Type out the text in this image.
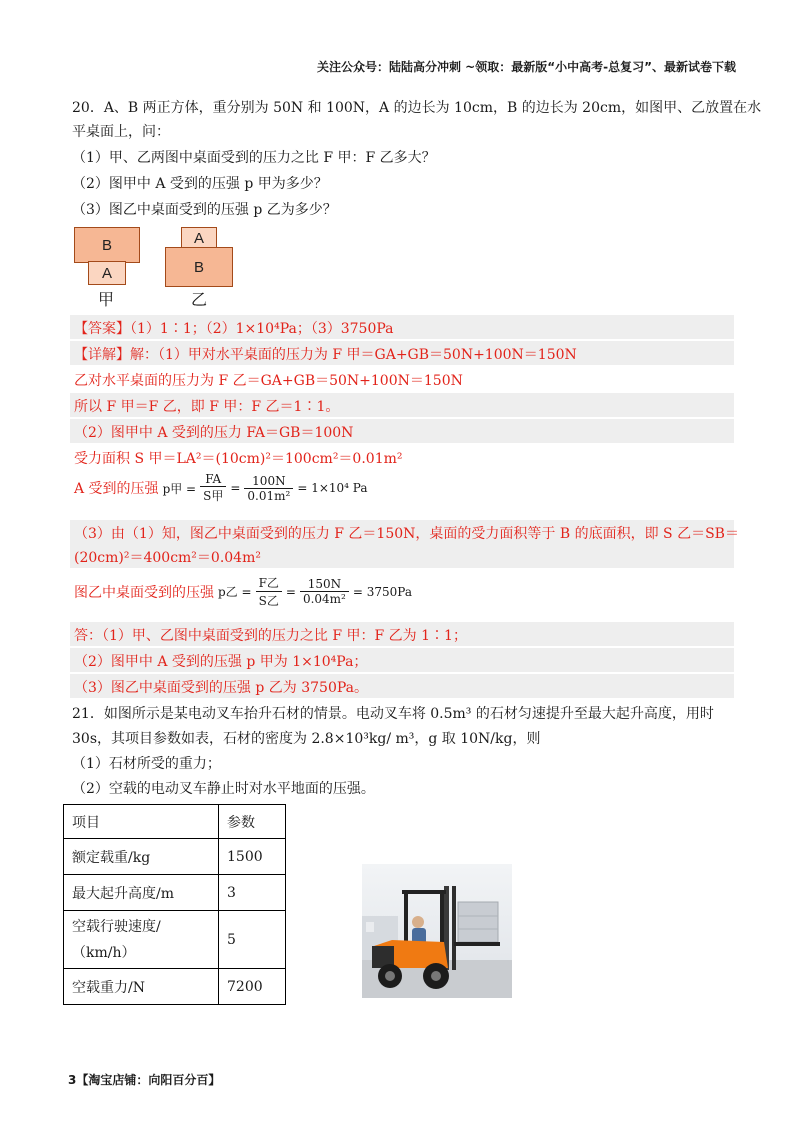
关注公众号：陆陆高分冲刺 ~领取：最新版“小中高考-总复习”、最新试卷下载
20．A、B 两正方体，重分别为 50N 和 100N，A 的边长为 10cm，B 的边长为 20cm，如图甲、乙放置在水
平桌面上，问：
（1）甲、乙两图中桌面受到的压力之比 F 甲：F 乙多大？
（2）图甲中 A 受到的压强 p 甲为多少？
（3）图乙中桌面受到的压强 p 乙为多少？
B
A
甲
A
B
乙
【答案】（1）1∶1；（2）1×10⁴Pa；（3）3750Pa
【详解】解：（1）甲对水平桌面的压力为 F 甲＝GA+GB＝50N+100N＝150N
乙对水平桌面的压力为 F 乙＝GA+GB＝50N+100N＝150N
所以 F 甲＝F 乙，即 F 甲：F 乙＝1∶1。
（2）图甲中 A 受到的压力 FA＝GB＝100N
受力面积 S 甲＝LA²＝(10cm)²＝100cm²＝0.01m²
A 受到的压强 p甲 = $\frac{FA}{\text{S甲}} = \frac{100N}{\text{0.01m²}} = 1\times 10^4$ Pa
（3）由（1）知，图乙中桌面受到的压力 F 乙＝150N，桌面的受力面积等于 B 的底面积，即 S 乙＝SB＝
(20cm)²＝400cm²＝0.04m²
图乙中桌面受到的压强 p乙 = $\frac{\text{F乙}}{\text{S乙}} = \frac{150N}{\text{0.04m²}} = 3750Pa$
答：（1）甲、乙图中桌面受到的压力之比 F 甲：F 乙为 1∶1；
（2）图甲中 A 受到的压强 p 甲为 1×10⁴Pa；
（3）图乙中桌面受到的压强 p 乙为 3750Pa。
21．如图所示是某电动叉车抬升石材的情景。电动叉车将 0.5m³ 的石材匀速提升至最大起升高度，用时
30s，其项目参数如表，石材的密度为 2.8×10³kg/ m³，g 取 10N/kg，则
（1）石材所受的重力；
（2）空载的电动叉车静止时对水平地面的压强。
项目	参数
额定载重/kg	1500
最大起升高度/m	3
空载行驶速度/（km/h）	5
空载重力/N	7200
3【淘宝店铺：向阳百分百】
